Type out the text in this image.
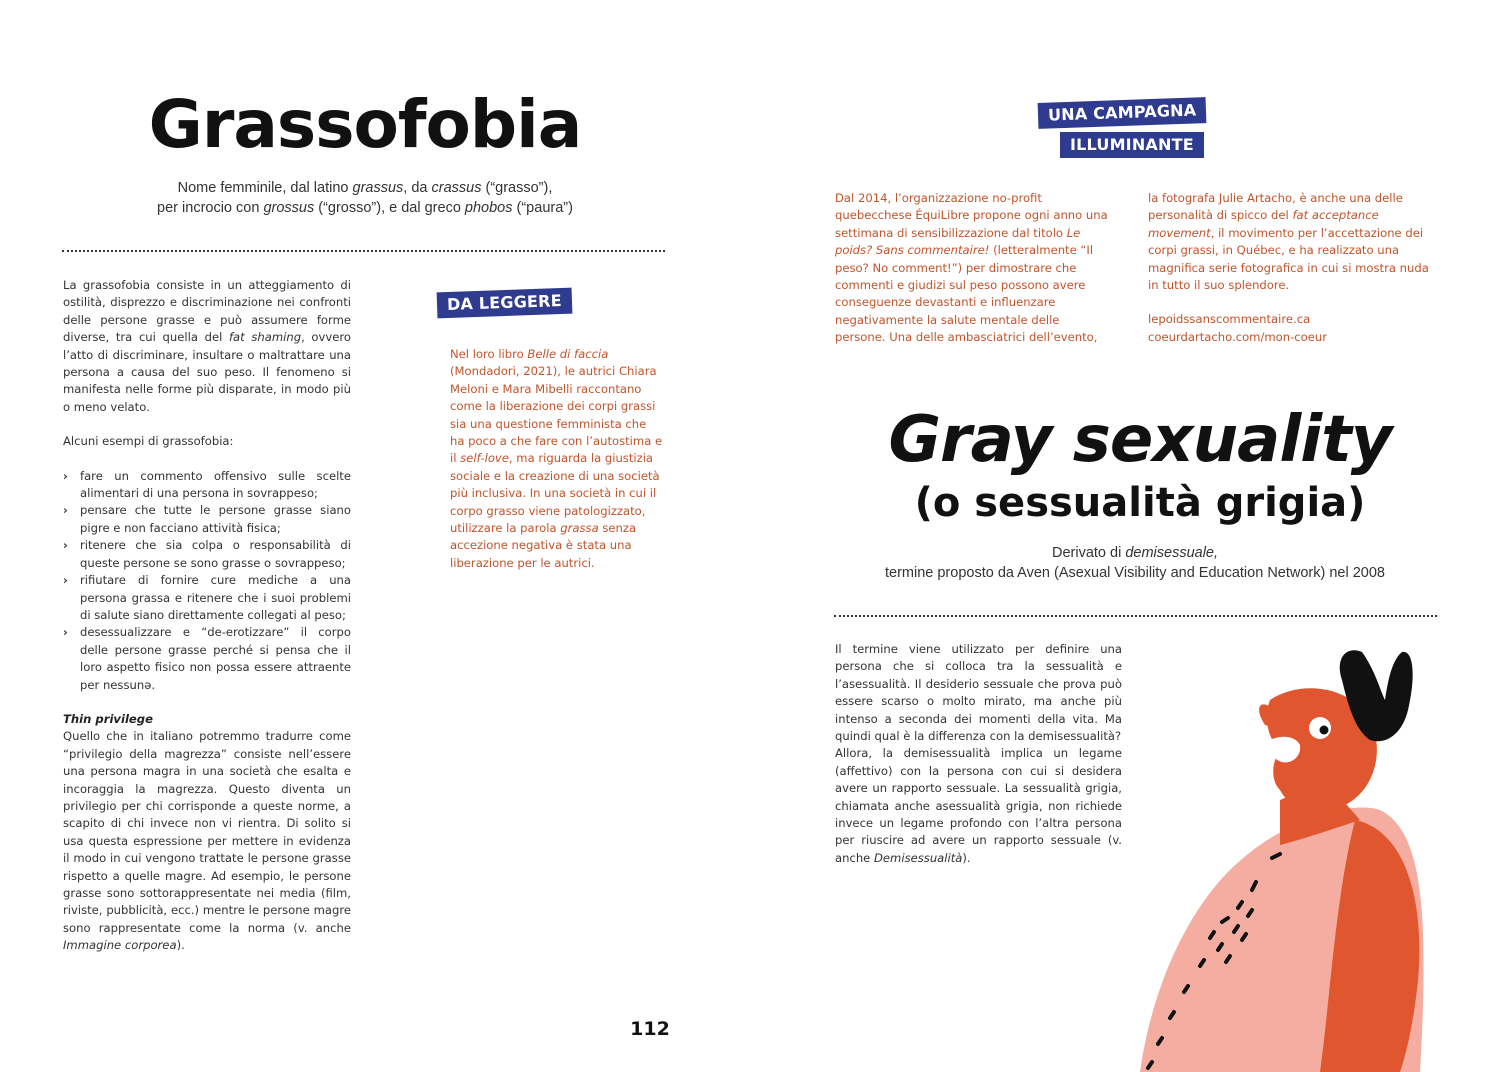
Grassofobia
Nome femminile, dal latino grassus, da crassus (“grasso”),
per incrocio con grossus (“grosso”), e dal greco phobos (“paura”)

La grassofobia consiste in un atteggiamento di ostilità, disprezzo e discriminazione nei confronti delle persone grasse e può assumere forme diverse, tra cui quella del fat shaming, ovvero l’atto di discriminare, insultare o maltrattare una persona a causa del suo peso. Il fenomeno si manifesta nelle forme più disparate, in modo più o meno velato.

Alcuni esempi di grassofobia:

› fare un commento offensivo sulle scelte alimentari di una persona in sovrappeso;
› pensare che tutte le persone grasse siano pigre e non facciano attività fisica;
› ritenere che sia colpa o responsabilità di queste persone se sono grasse o sovrappeso;
› rifiutare di fornire cure mediche a una persona grassa e ritenere che i suoi problemi di salute siano direttamente collegati al peso;
› desessualizzare e “de-erotizzare” il corpo delle persone grasse perché si pensa che il loro aspetto fisico non possa essere attraente per nessunə.

Thin privilege

Quello che in italiano potremmo tradurre come “privilegio della magrezza” consiste nell’essere una persona magra in una società che esalta e incoraggia la magrezza. Questo diventa un privilegio per chi corrisponde a queste norme, a scapito di chi invece non vi rientra. Di solito si usa questa espressione per mettere in evidenza il modo in cui vengono trattate le persone grasse rispetto a quelle magre. Ad esempio, le persone grasse sono sottorappresentate nei media (film, riviste, pubblicità, ecc.) mentre le persone magre sono rappresentate come la norma (v. anche Immagine corporea).

DA LEGGERE
Nel loro libro Belle di faccia (Mondadori, 2021), le autrici Chiara Meloni e Mara Mibelli raccontano come la liberazione dei corpi grassi sia una questione femminista che ha poco a che fare con l’autostima e il self-love, ma riguarda la giustizia sociale e la creazione di una società più inclusiva. In una società in cui il corpo grasso viene patologizzato, utilizzare la parola grassa senza accezione negativa è stata una liberazione per le autrici.
112
UNA CAMPAGNA
ILLUMINANTE
Dal 2014, l’organizzazione no-profit quebecchese ÉquiLibre propone ogni anno una settimana di sensibilizzazione dal titolo Le poids? Sans commentaire! (letteralmente “Il peso? No comment!”) per dimostrare che commenti e giudizi sul peso possono avere conseguenze devastanti e influenzare negativamente la salute mentale delle persone. Una delle ambasciatrici dell’evento,

la fotografa Julie Artacho, è anche una delle personalità di spicco del fat acceptance movement, il movimento per l’accettazione dei corpi grassi, in Québec, e ha realizzato una magnifica serie fotografica in cui si mostra nuda in tutto il suo splendore.

lepoidssanscommentaire.ca

coeurdartacho.com/mon-coeur

Gray sexuality
(o sessualità grigia)
Derivato di demisessuale,
termine proposto da Aven (Asexual Visibility and Education Network) nel 2008

Il termine viene utilizzato per definire una persona che si colloca tra la sessualità e l’asessualità. Il desiderio sessuale che prova può essere scarso o molto mirato, ma anche più intenso a seconda dei momenti della vita. Ma quindi qual è la differenza con la demisessualità?

Allora, la demisessualità implica un legame (affettivo) con la persona con cui si desidera avere un rapporto sessuale. La sessualità grigia, chiamata anche asessualità grigia, non richiede invece un legame profondo con l’altra persona per riuscire ad avere un rapporto sessuale (v. anche Demisessualità).
